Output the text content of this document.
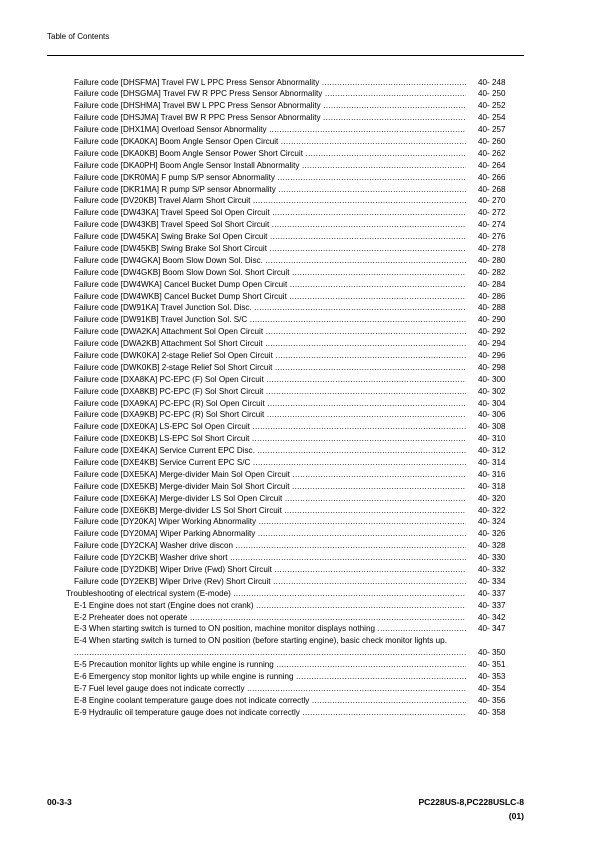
Table of Contents
Failure code [DHSFMA] Travel FW L PPC Press Sensor Abnormality .....	40- 248
Failure code [DHSGMA] Travel FW R PPC Press Sensor Abnormality .....	40- 250
Failure code [DHSHMA] Travel BW L PPC Press Sensor Abnormality .....	40- 252
Failure code [DHSJMA] Travel BW R PPC Press Sensor Abnormality .....	40- 254
Failure code [DHX1MA] Overload Sensor Abnormality .....	40- 257
Failure code [DKA0KA] Boom Angle Sensor Open Circuit .....	40- 260
Failure code [DKA0KB] Boom Angle Sensor Power Short Circuit .....	40- 262
Failure code [DKA0PH] Boom Angle Sensor Install Abnormality .....	40- 264
Failure code [DKR0MA] F pump S/P sensor Abnormality .....	40- 266
Failure code [DKR1MA] R pump S/P sensor Abnormality .....	40- 268
Failure code [DV20KB] Travel Alarm Short Circuit .....	40- 270
Failure code [DW43KA] Travel Speed Sol Open Circuit .....	40- 272
Failure code [DW43KB] Travel Speed Sol Short Circuit .....	40- 274
Failure code [DW45KA] Swing Brake Sol Open Circuit .....	40- 276
Failure code [DW45KB] Swing Brake Sol Short Circuit .....	40- 278
Failure code [DW4GKA] Boom Slow Down Sol. Disc. .....	40- 280
Failure code [DW4GKB] Boom Slow Down Sol. Short Circuit .....	40- 282
Failure code [DW4WKA] Cancel Bucket Dump Open Circuit .....	40- 284
Failure code [DW4WKB] Cancel Bucket Dump Short Circuit .....	40- 286
Failure code [DW91KA] Travel Junction Sol. Disc. .....	40- 288
Failure code [DW91KB] Travel Junction Sol. S/C .....	40- 290
Failure code [DWA2KA] Attachment Sol Open Circuit .....	40- 292
Failure code [DWA2KB] Attachment Sol Short Circuit .....	40- 294
Failure code [DWK0KA] 2-stage Relief Sol Open Circuit .....	40- 296
Failure code [DWK0KB] 2-stage Relief Sol Short Circuit .....	40- 298
Failure code [DXA8KA] PC-EPC (F) Sol Open Circuit .....	40- 300
Failure code [DXA8KB] PC-EPC (F) Sol Short Circuit .....	40- 302
Failure code [DXA9KA] PC-EPC (R) Sol Open Circuit .....	40- 304
Failure code [DXA9KB] PC-EPC (R) Sol Short Circuit .....	40- 306
Failure code [DXE0KA] LS-EPC Sol Open Circuit .....	40- 308
Failure code [DXE0KB] LS-EPC Sol Short Circuit .....	40- 310
Failure code [DXE4KA] Service Current EPC Disc. .....	40- 312
Failure code [DXE4KB] Service Current EPC S/C .....	40- 314
Failure code [DXE5KA] Merge-divider Main Sol Open Circuit .....	40- 316
Failure code [DXE5KB] Merge-divider Main Sol Short Circuit .....	40- 318
Failure code [DXE6KA] Merge-divider LS Sol Open Circuit .....	40- 320
Failure code [DXE6KB] Merge-divider LS Sol Short Circuit .....	40- 322
Failure code [DY20KA] Wiper Working Abnormality .....	40- 324
Failure code [DY20MA] Wiper Parking Abnormality .....	40- 326
Failure code [DY2CKA] Washer drive discon .....	40- 328
Failure code [DY2CKB] Washer drive short .....	40- 330
Failure code [DY2DKB] Wiper Drive (Fwd) Short Circuit .....	40- 332
Failure code [DY2EKB] Wiper Drive (Rev) Short Circuit .....	40- 334
Troubleshooting of electrical system (E-mode) .....	40- 337
E-1 Engine does not start (Engine does not crank) .....	40- 337
E-2 Preheater does not operate .....	40- 342
E-3 When starting switch is turned to ON position, machine monitor displays nothing .....	40- 347
E-4 When starting switch is turned to ON position (before starting engine), basic check monitor lights up.
.....
40- 350
E-5 Precaution monitor lights up while engine is running .....	40- 351
E-6 Emergency stop monitor lights up while engine is running .....	40- 353
E-7 Fuel level gauge does not indicate correctly .....	40- 354
E-8 Engine coolant temperature gauge does not indicate correctly .....	40- 356
E-9 Hydraulic oil temperature gauge does not indicate correctly .....	40- 358
00-3-3	PC228US-8,PC228USLC-8
(01)
